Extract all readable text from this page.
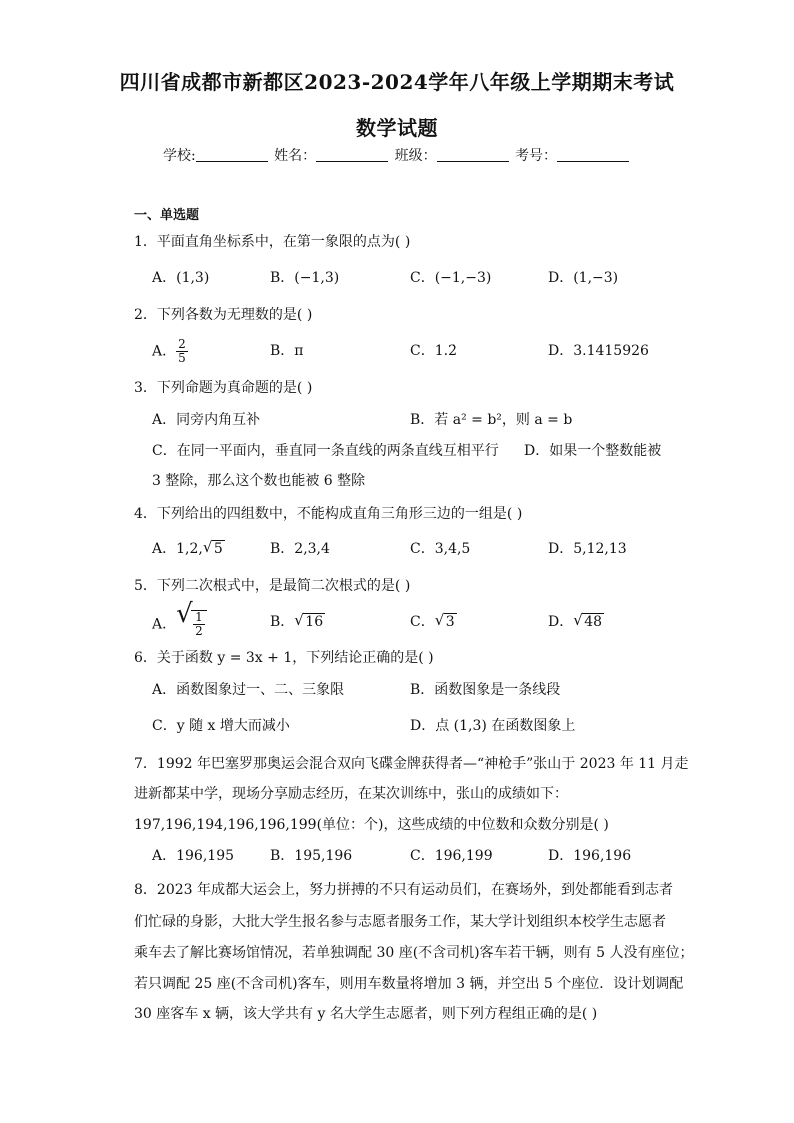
四川省成都市新都区2023-2024学年八年级上学期期末考试
数学试题
学校:	姓名：	班级：	考号：
一、单选题
1．平面直角坐标系中，在第一象限的点为( )
A．(1,3)	B．(−1,3)	C．(−1,−3)	D．(1,−3)
2．下列各数为无理数的是( )
A． $\frac{2}{5}$	B．π	C．1.2̇	D．3.1415926
3．下列命题为真命题的是( )
A．同旁内角互补	B．若 a² = b²，则 a = b
C．在同一平面内，垂直同一条直线的两条直线互相平行 D．如果一个整数能被
3 整除，那么这个数也能被 6 整除
4．下列给出的四组数中，不能构成直角三角形三边的一组是( )
A．1,2, √ 5	B．2,3,4	C．3,4,5	D．5,12,13
5．下列二次根式中，是最简二次根式的是( )
A． √ $\frac{1}{2}$	B． √ 16	C． √ 3	D． √ 48
6．关于函数 y = 3x + 1，下列结论正确的是( )
A．函数图象过一、二、三象限	B．函数图象是一条线段
C．y 随 x 增大而减小	D．点 (1,3) 在函数图象上
7．1992 年巴塞罗那奥运会混合双向飞碟金牌获得者—“神枪手”张山于 2023 年 11 月走
进新都某中学，现场分享励志经历，在某次训练中，张山的成绩如下：
197,196,194,196,196,199(单位：个)，这些成绩的中位数和众数分别是( )
A．196,195	B．195,196	C．196,199	D．196,196
8．2023 年成都大运会上，努力拼搏的不只有运动员们，在赛场外，到处都能看到志者
们忙碌的身影，大批大学生报名参与志愿者服务工作，某大学计划组织本校学生志愿者
乘车去了解比赛场馆情况，若单独调配 30 座(不含司机)客车若干辆，则有 5 人没有座位；
若只调配 25 座(不含司机)客车，则用车数量将增加 3 辆，并空出 5 个座位．设计划调配
30 座客车 x 辆，该大学共有 y 名大学生志愿者，则下列方程组正确的是( )
